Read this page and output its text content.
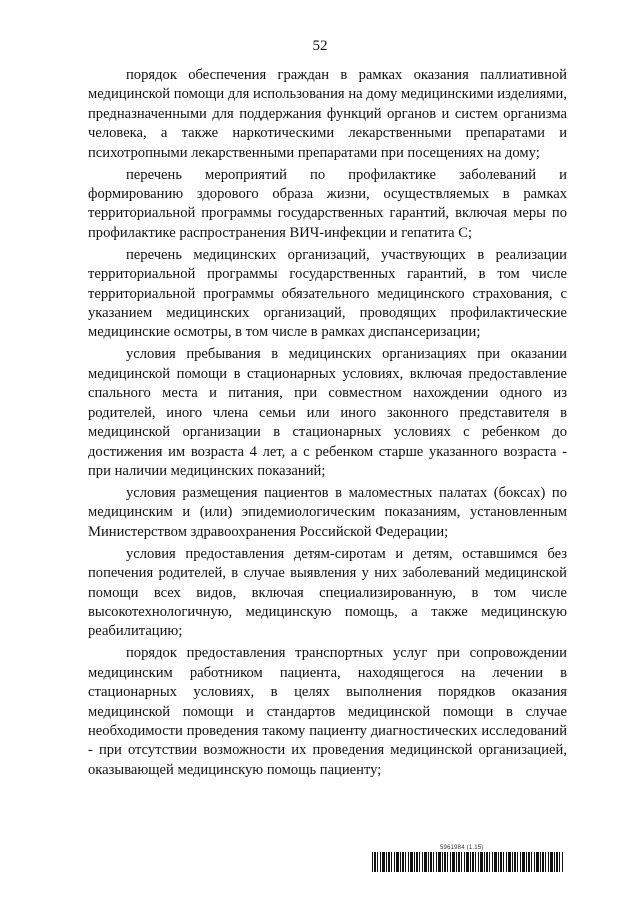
52

порядок обеспечения граждан в рамках оказания паллиативной медицинской помощи для использования на дому медицинскими изделиями, предназначенными для поддержания функций органов и систем организма человека, а также наркотическими лекарственными препаратами и психотропными лекарственными препаратами при посещениях на дому;

перечень мероприятий по профилактике заболеваний и формированию здорового образа жизни, осуществляемых в рамках территориальной программы государственных гарантий, включая меры по профилактике распространения ВИЧ-инфекции и гепатита С;

перечень медицинских организаций, участвующих в реализации территориальной программы государственных гарантий, в том числе территориальной программы обязательного медицинского страхования, с указанием медицинских организаций, проводящих профилактические медицинские осмотры, в том числе в рамках диспансеризации;

условия пребывания в медицинских организациях при оказании медицинской помощи в стационарных условиях, включая предоставление спального места и питания, при совместном нахождении одного из родителей, иного члена семьи или иного законного представителя в медицинской организации в стационарных условиях с ребенком до достижения им возраста 4 лет, а с ребенком старше указанного возраста - при наличии медицинских показаний;

условия размещения пациентов в маломестных палатах (боксах) по медицинским и (или) эпидемиологическим показаниям, установленным Министерством здравоохранения Российской Федерации;

условия предоставления детям-сиротам и детям, оставшимся без попечения родителей, в случае выявления у них заболеваний медицинской помощи всех видов, включая специализированную, в том числе высокотехнологичную, медицинскую помощь, а также медицинскую реабилитацию;

порядок предоставления транспортных услуг при сопровождении медицинским работником пациента, находящегося на лечении в стационарных условиях, в целях выполнения порядков оказания медицинской помощи и стандартов медицинской помощи в случае необходимости проведения такому пациенту диагностических исследований - при отсутствии возможности их проведения медицинской организацией, оказывающей медицинскую помощь пациенту;

5961984 (1.15)
